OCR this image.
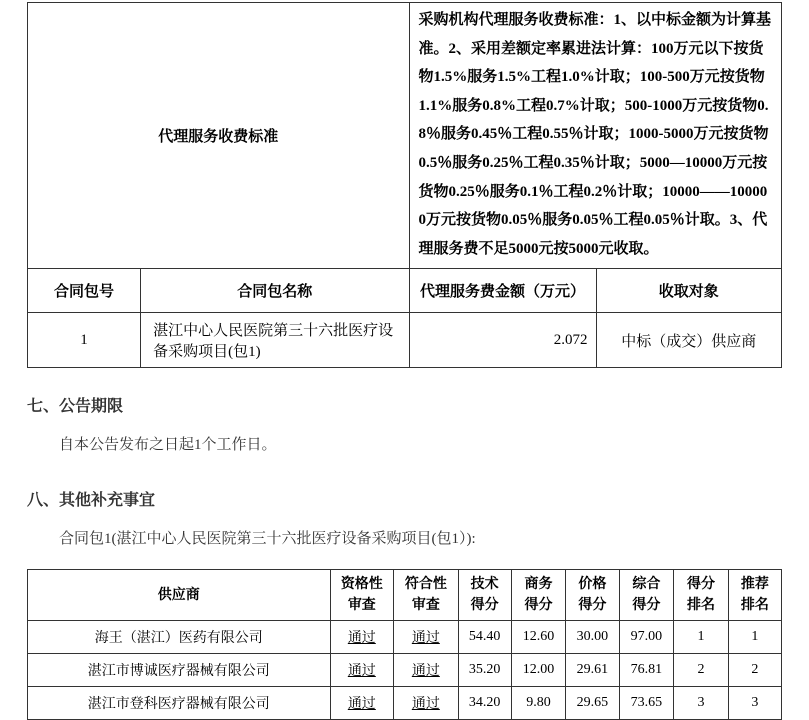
代理服务收费标准		采购机构代理服务收费标准：1、以中标金额为计算基准。2、采用差额定率累进法计算：100万元以下按货物1.5%服务1.5%工程1.0%计取；100-500万元按货物1.1%服务0.8%工程0.7%计取；500-1000万元按货物0.8％服务0.45％工程0.55％计取；1000-5000万元按货物0.5％服务0.25％工程0.35％计取；5000—10000万元按货物0.25％服务0.1％工程0.2％计取；10000——100000万元按货物0.05％服务0.05％工程0.05％计取。3、代理服务费不足5000元按5000元收取。	
合同包号	合同包名称	代理服务费金额（万元）	收取对象
1	湛江中心人民医院第三十六批医疗设备采购项目(包1)	2.072	中标（成交）供应商
七、公告期限
自本公告发布之日起1个工作日。
八、其他补充事宜
合同包1(湛江中心人民医院第三十六批医疗设备采购项目(包1）):
供应商	资格性审查	符合性审查	技术得分	商务得分	价格得分	综合得分	得分排名	推荐排名
海王（湛江）医药有限公司	通过	通过	54.40	12.60	30.00	97.00	1	1
湛江市博诚医疗器械有限公司	通过	通过	35.20	12.00	29.61	76.81	2	2
湛江市登科医疗器械有限公司	通过	通过	34.20	9.80	29.65	73.65	3	3
